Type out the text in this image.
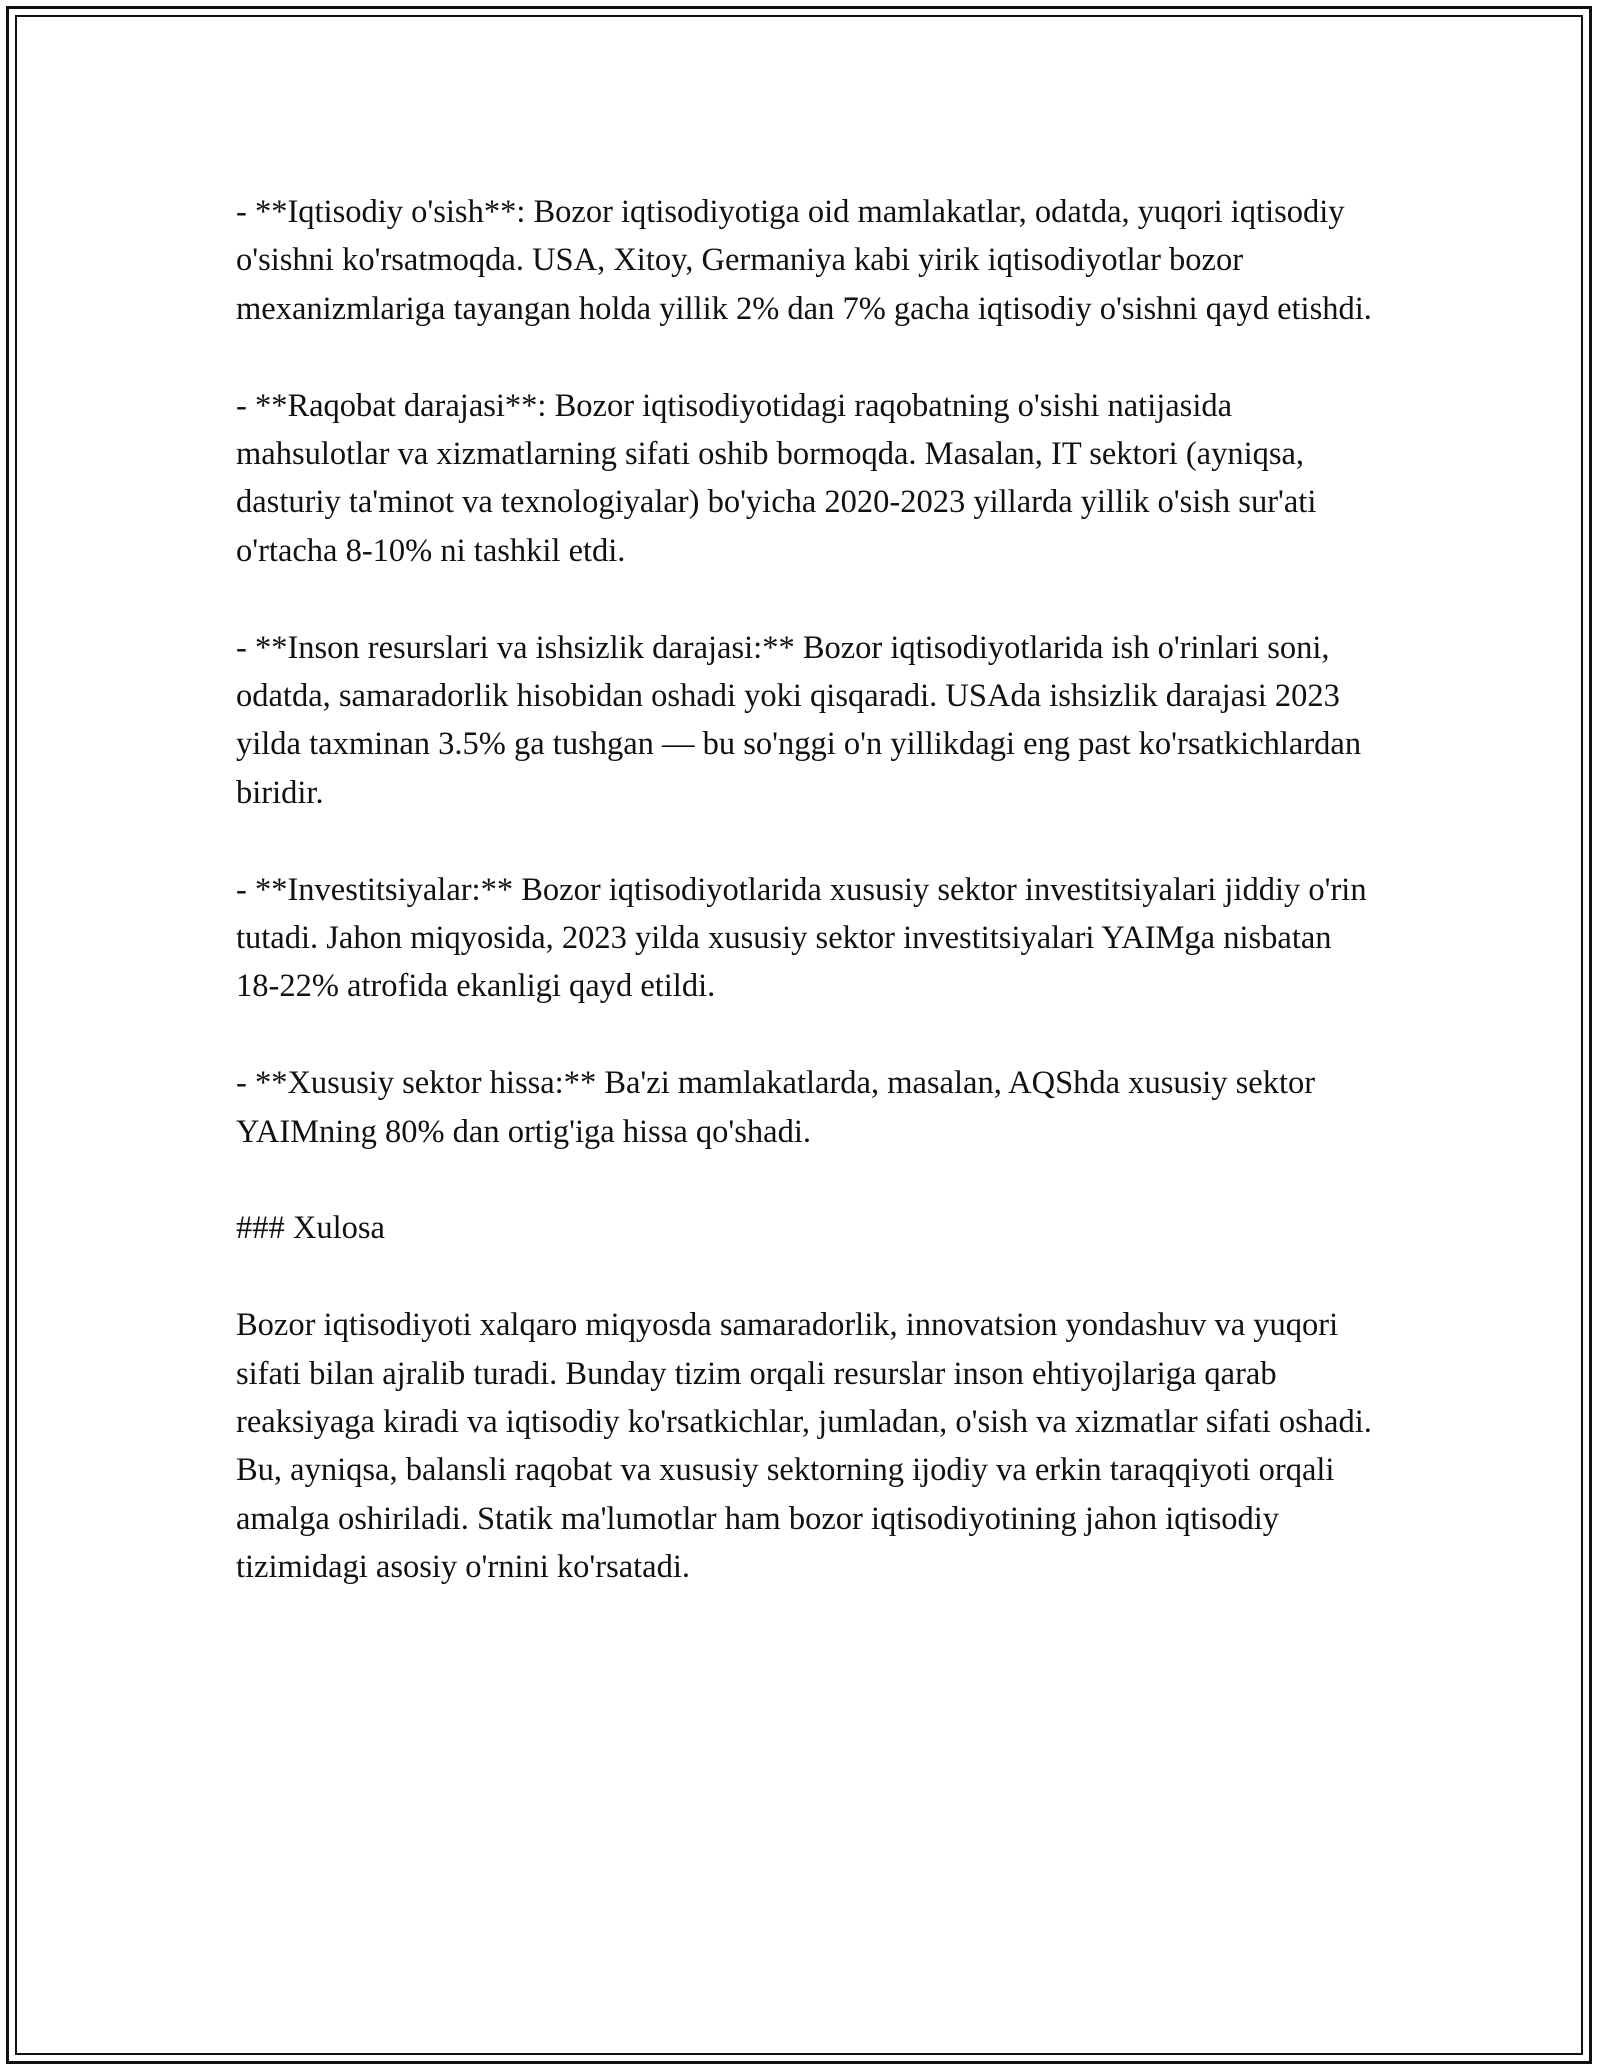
- **Iqtisodiy o'sish**: Bozor iqtisodiyotiga oid mamlakatlar, odatda, yuqori iqtisodiy o'sishni ko'rsatmoqda. USA, Xitoy, Germaniya kabi yirik iqtisodiyotlar bozor mexanizmlariga tayangan holda yillik 2% dan 7% gacha iqtisodiy o'sishni qayd etishdi.

- **Raqobat darajasi**: Bozor iqtisodiyotidagi raqobatning o'sishi natijasida mahsulotlar va xizmatlarning sifati oshib bormoqda. Masalan, IT sektori (ayniqsa, dasturiy ta'minot va texnologiyalar) bo'yicha 2020-2023 yillarda yillik o'sish sur'ati o'rtacha 8-10% ni tashkil etdi.

- **Inson resurslari va ishsizlik darajasi:** Bozor iqtisodiyotlarida ish o'rinlari soni, odatda, samaradorlik hisobidan oshadi yoki qisqaradi. USAda ishsizlik darajasi 2023 yilda taxminan 3.5% ga tushgan — bu so'nggi o'n yillikdagi eng past ko'rsatkichlardan biridir.

- **Investitsiyalar:** Bozor iqtisodiyotlarida xususiy sektor investitsiyalari jiddiy o'rin tutadi. Jahon miqyosida, 2023 yilda xususiy sektor investitsiyalari YAIMga nisbatan 18-22% atrofida ekanligi qayd etildi.

- **Xususiy sektor hissa:** Ba'zi mamlakatlarda, masalan, AQShda xususiy sektor YAIMning 80% dan ortig'iga hissa qo'shadi.

### Xulosa

Bozor iqtisodiyoti xalqaro miqyosda samaradorlik, innovatsion yondashuv va yuqori sifati bilan ajralib turadi. Bunday tizim orqali resurslar inson ehtiyojlariga qarab reaksiyaga kiradi va iqtisodiy ko'rsatkichlar, jumladan, o'sish va xizmatlar sifati oshadi. Bu, ayniqsa, balansli raqobat va xususiy sektorning ijodiy va erkin taraqqiyoti orqali amalga oshiriladi. Statik ma'lumotlar ham bozor iqtisodiyotining jahon iqtisodiy tizimidagi asosiy o'rnini ko'rsatadi.
